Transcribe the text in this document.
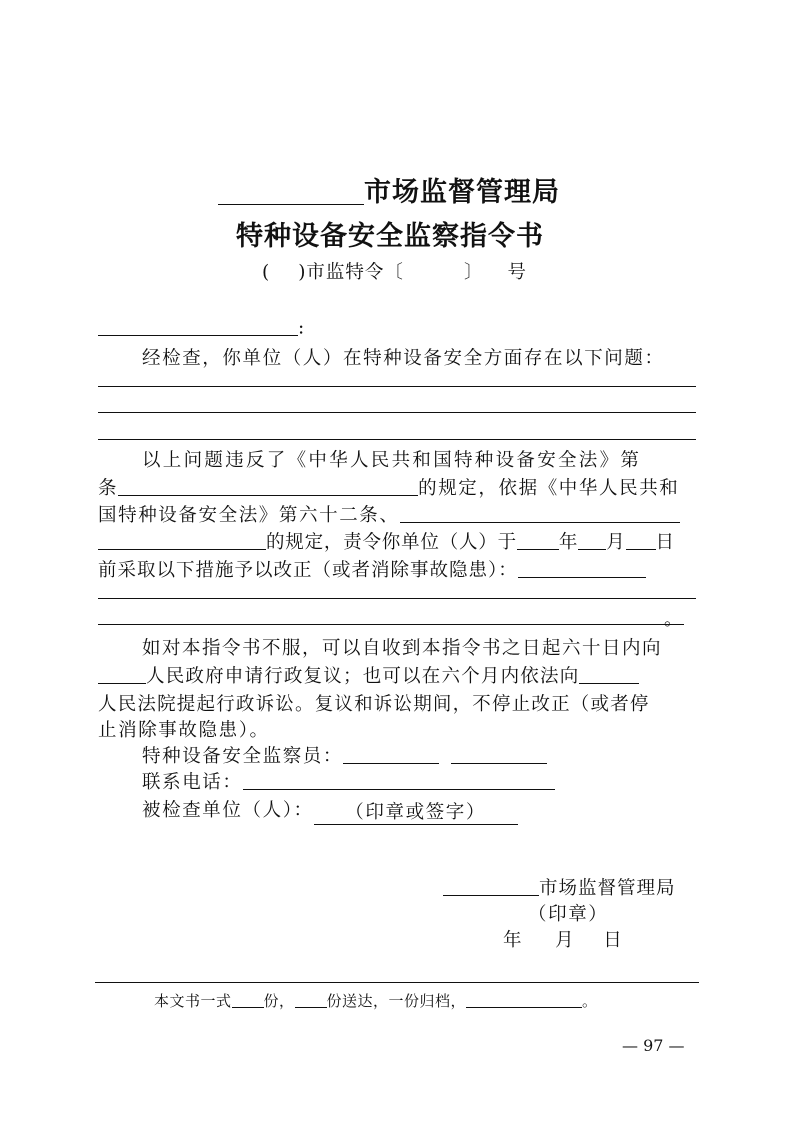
市场监督管理局
特种设备安全监察指令书
( )市监特令〔	〕 号
:
经检查，你单位（人）在特种设备安全方面存在以下问题：
以上问题违反了《中华人民共和国特种设备安全法》第
条	的规定，依据《中华人民共和
国特种设备安全法》第六十二条、
的规定，责令你单位（人）于 年 月 日
前采取以下措施予以改正（或者消除事故隐患）：
。
如对本指令书不服，可以自收到本指令书之日起六十日内向
人民政府申请行政复议；也可以在六个月内依法向
人民法院提起行政诉讼。复议和诉讼期间，不停止改正（或者停
止消除事故隐患）。
特种设备安全监察员：
联系电话：
被检查单位（人）： （印章或签字）
市场监督管理局
（印章）
年 月 日
本文书一式 份， 份送达，一份归档，	。
— 97 —
